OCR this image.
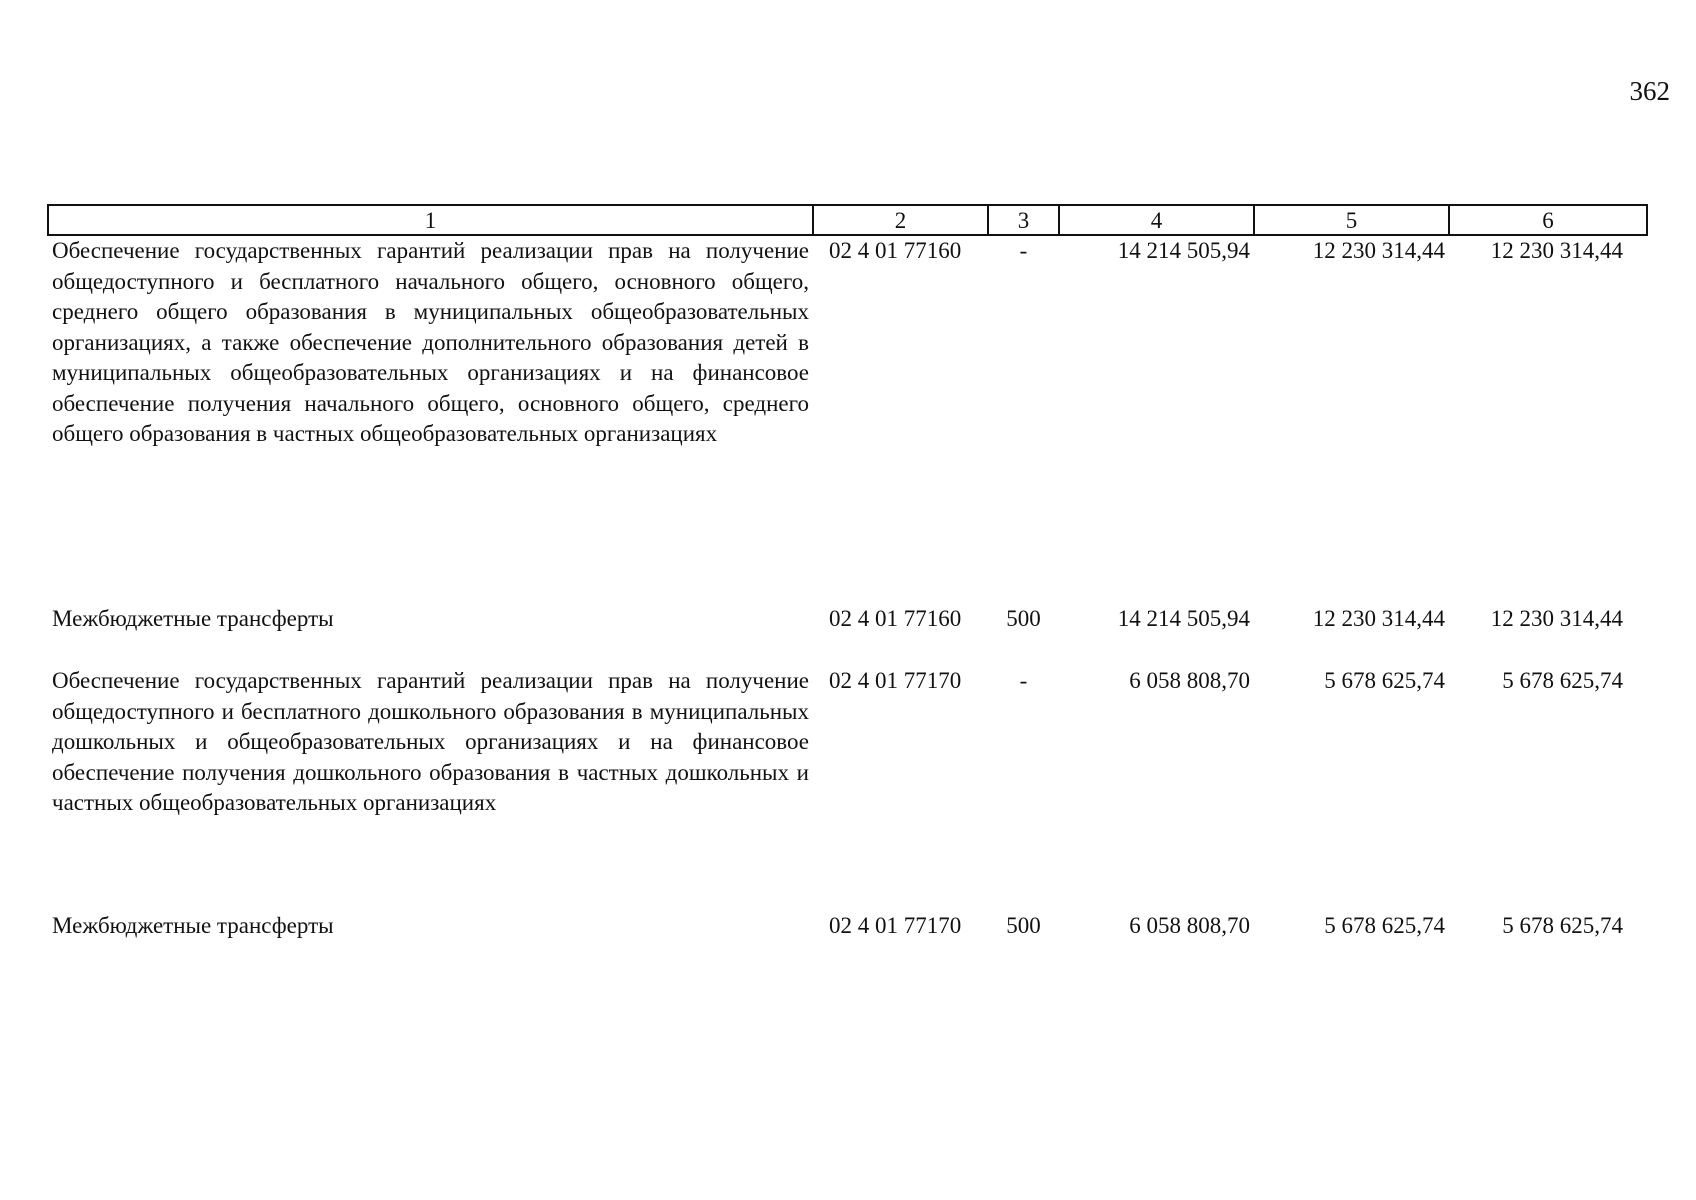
362
1	2	3	4	5	6
Обеспечение государственных гарантий реализации прав на получение общедоступного и бесплатного начального общего, основного общего, среднего общего образования в муниципальных общеобразовательных организациях, а также обеспечение дополнительного образования детей в муниципальных общеобразовательных организациях и на финансовое обеспечение получения начального общего, основного общего, среднего общего образования в частных общеобразовательных организациях	02 4 01 77160	-	14 214 505,94	12 230 314,44	12 230 314,44
Межбюджетные трансферты	02 4 01 77160	500	14 214 505,94	12 230 314,44	12 230 314,44
Обеспечение государственных гарантий реализации прав на получение общедоступного и бесплатного дошкольного образования в муниципальных дошкольных и общеобразовательных организациях и на финансовое обеспечение получения дошкольного образования в частных дошкольных и частных общеобразовательных организациях	02 4 01 77170	-	6 058 808,70	5 678 625,74	5 678 625,74
Межбюджетные трансферты	02 4 01 77170	500	6 058 808,70	5 678 625,74	5 678 625,74
